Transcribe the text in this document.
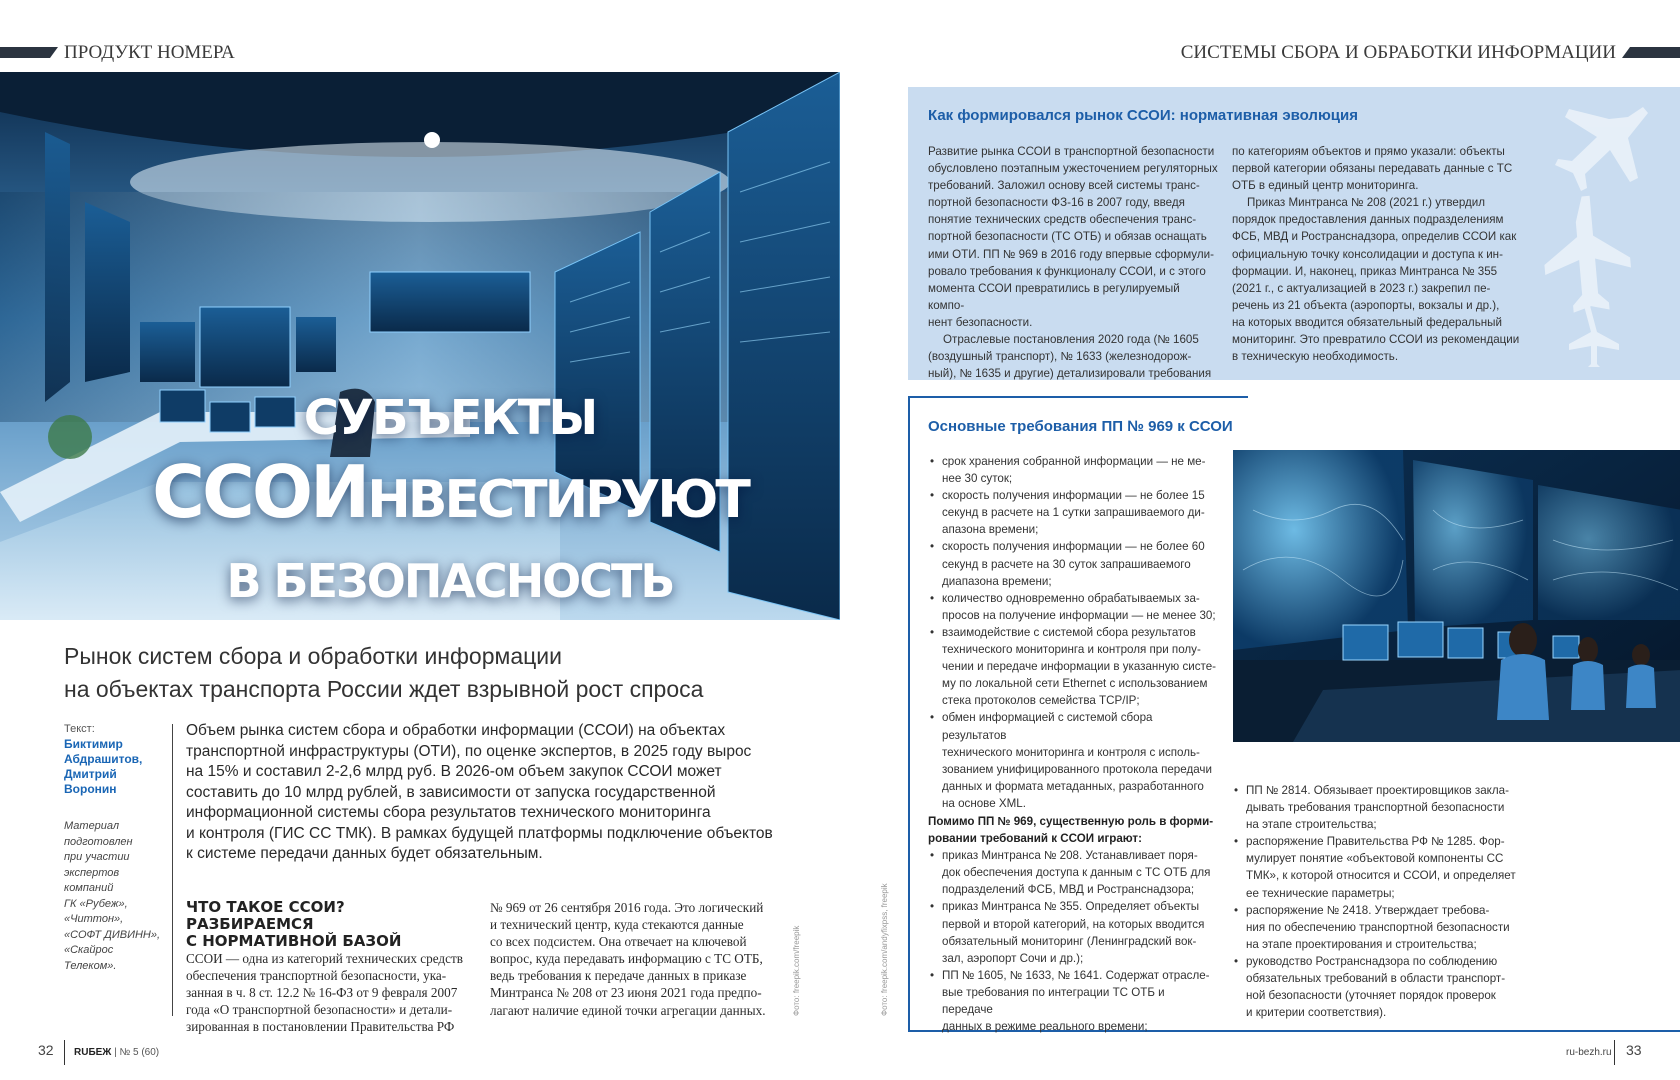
ПРОДУКТ НОМЕРА	СИСТЕМЫ СБОРА И ОБРАБОТКИ ИНФОРМАЦИИ
СУБЪЕКТЫ
ССОИНВЕСТИРУЮТ
В БЕЗОПАСНОСТЬ
Рынок систем сбора и обработки информации
на объектах транспорта России ждет взрывной рост спроса
Текст:
Биктимир
Абдрашитов,
Дмитрий
Воронин
Материал
подготовлен
при участии
экспертов
компаний
ГК «Рубеж»,
«Читтон»,
«СОФТ ДИВИНН»,
«Скайрос
Телеком».
Объем рынка систем сбора и обработки информации (ССОИ) на объектах
транспортной инфраструктуры (ОТИ), по оценке экспертов, в 2025 году вырос
на 15% и составил 2-2,6 млрд руб. В 2026-ом объем закупок ССОИ может
составить до 10 млрд рублей, в зависимости от запуска государственной
информационной системы сбора результатов технического мониторинга
и контроля (ГИС СС ТМК). В рамках будущей платформы подключение объектов
к системе передачи данных будет обязательным.
ЧТО ТАКОЕ ССОИ? РАЗБИРАЕМСЯ
С НОРМАТИВНОЙ БАЗОЙ
ССОИ — одна из категорий технических средств
обеспечения транспортной безопасности, ука-
занная в ч. 8 ст. 12.2 № 16-ФЗ от 9 февраля 2007
года «О транспортной безопасности» и детали-
зированная в постановлении Правительства РФ
№ 969 от 26 сентября 2016 года. Это логический
и технический центр, куда стекаются данные
со всех подсистем. Она отвечает на ключевой
вопрос, куда передавать информацию с ТС ОТБ,
ведь требования к передаче данных в приказе
Минтранса № 208 от 23 июня 2021 года предпо-
лагают наличие единой точки агрегации данных.	Фото: freepik.com/freepik	Фото: freepik.com/andyfixpss, freepik
Как формировался рынок ССОИ: нормативная эволюция

Развитие рынка ССОИ в транспортной безопасности

обусловлено поэтапным ужесточением регуляторных

требований. Заложил основу всей системы транс-

портной безопасности ФЗ-16 в 2007 году, введя

понятие технических средств обеспечения транс-

портной безопасности (ТС ОТБ) и обязав оснащать

ими ОТИ. ПП № 969 в 2016 году впервые сформули-

ровало требования к функционалу ССОИ, и с этого

момента ССОИ превратились в регулируемый компо-

нент безопасности.

Отраслевые постановления 2020 года (№ 1605

(воздушный транспорт), № 1633 (железнодорож-

ный), № 1635 и другие) детализировали требования

по категориям объектов и прямо указали: объекты

первой категории обязаны передавать данные с ТС

ОТБ в единый центр мониторинга.

Приказ Минтранса № 208 (2021 г.) утвердил

порядок предоставления данных подразделениям

ФСБ, МВД и Ространснадзора, определив ССОИ как

официальную точку консолидации и доступа к ин-

формации. И, наконец, приказ Минтранса № 355

(2021 г., с актуализацией в 2023 г.) закрепил пе-

речень из 21 объекта (аэропорты, вокзалы и др.),

на которых вводится обязательный федеральный

мониторинг. Это превратило ССОИ из рекомендации

в техническую необходимость.

Основные требования ПП № 969 к ССОИ
• срок хранения собранной информации — не ме-
нее 30 суток;
• скорость получения информации — не более 15
секунд в расчете на 1 сутки запрашиваемого ди-
апазона времени;
• скорость получения информации — не более 60
секунд в расчете на 30 суток запрашиваемого
диапазона времени;
• количество одновременно обрабатываемых за-
просов на получение информации — не менее 30;
• взаимодействие с системой сбора результатов
технического мониторинга и контроля при полу-
чении и передаче информации в указанную систе-
му по локальной сети Ethernet с использованием
стека протоколов семейства TCP/IP;
• обмен информацией с системой сбора результатов
технического мониторинга и контроля с исполь-
зованием унифицированного протокола передачи
данных и формата метаданных, разработанного
на основе XML.
Помимо ПП № 969, существенную роль в форми-
ровании требований к ССОИ играют:
• приказ Минтранса № 208. Устанавливает поря-
док обеспечения доступа к данным с ТС ОТБ для
подразделений ФСБ, МВД и Ространснадзора;
• приказ Минтранса № 355. Определяет объекты
первой и второй категорий, на которых вводится
обязательный мониторинг (Ленинградский вок-
зал, аэропорт Сочи и др.);
• ПП № 1605, № 1633, № 1641. Содержат отрасле-
вые требования по интеграции ТС ОТБ и передаче
данных в режиме реального времени;
• ПП № 2814. Обязывает проектировщиков закла-
дывать требования транспортной безопасности
на этапе строительства;
• распоряжение Правительства РФ № 1285. Фор-
мулирует понятие «объектовой компоненты СС
ТМК», к которой относится и ССОИ, и определяет
ее технические параметры;
• распоряжение № 2418. Утверждает требова-
ния по обеспечению транспортной безопасности
на этапе проектирования и строительства;
• руководство Ространснадзора по соблюдению
обязательных требований в области транспорт-
ной безопасности (уточняет порядок проверок
и критерии соответствия).
32 RUБЕЖ | № 5 (60)	ru-bezh.ru 33
